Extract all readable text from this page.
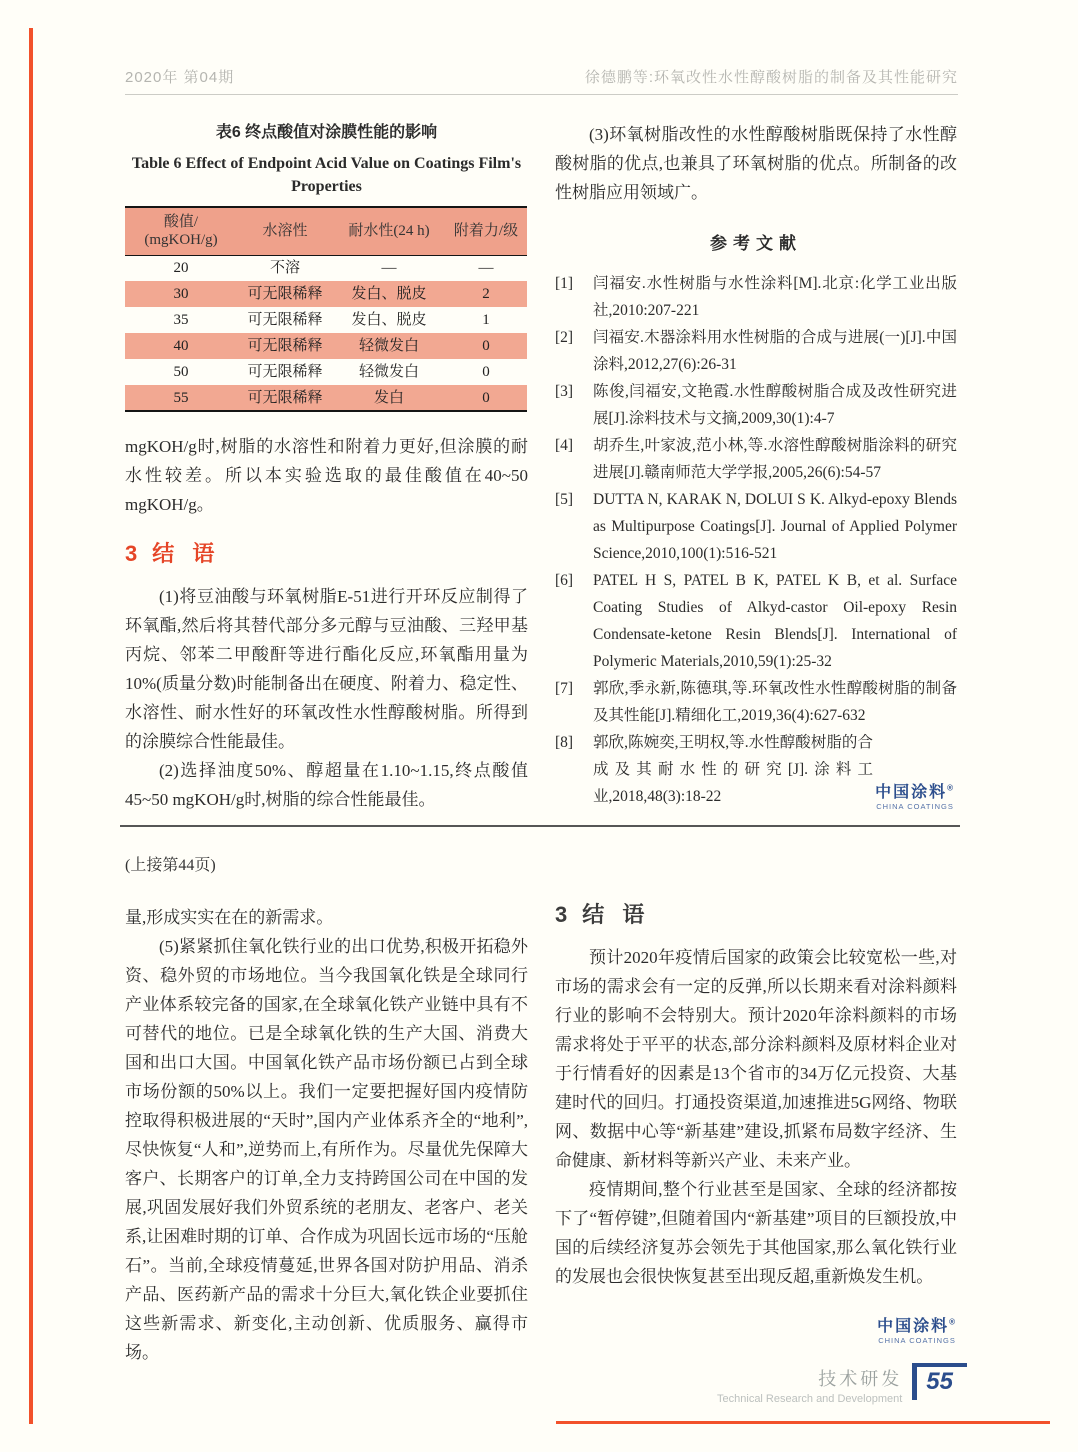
2020年 第04期	徐德鹏等:环氧改性水性醇酸树脂的制备及其性能研究
表6 终点酸值对涂膜性能的影响
Table 6 Effect of Endpoint Acid Value on Coatings Film's
Properties
酸值/
(mgKOH/g)	水溶性	耐水性(24 h)	附着力/级
20	不溶	—	—
30	可无限稀释	发白、脱皮	2
35	可无限稀释	发白、脱皮	1
40	可无限稀释	轻微发白	0
50	可无限稀释	轻微发白	0
55	可无限稀释	发白	0

mgKOH/g时,树脂的水溶性和附着力更好,但涂膜的耐水性较差。所以本实验选取的最佳酸值在40~50 mgKOH/g。

3 结 语

(1)将豆油酸与环氧树脂E-51进行开环反应制得了环氧酯,然后将其替代部分多元醇与豆油酸、三羟甲基丙烷、邻苯二甲酸酐等进行酯化反应,环氧酯用量为10%(质量分数)时能制备出在硬度、附着力、稳定性、水溶性、耐水性好的环氧改性水性醇酸树脂。所得到的涂膜综合性能最佳。

(2)选择油度50%、醇超量在1.10~1.15,终点酸值45~50 mgKOH/g时,树脂的综合性能最佳。

(3)环氧树脂改性的水性醇酸树脂既保持了水性醇酸树脂的优点,也兼具了环氧树脂的优点。所制备的改性树脂应用领域广。

参考文献
[1]	闫福安.水性树脂与水性涂料[M].北京:化学工业出版社,2010:207-221
[2]	闫福安.木器涂料用水性树脂的合成与进展(一)[J].中国涂料,2012,27(6):26-31
[3]	陈俊,闫福安,文艳霞.水性醇酸树脂合成及改性研究进展[J].涂料技术与文摘,2009,30(1):4-7
[4]	胡乔生,叶家波,范小林,等.水溶性醇酸树脂涂料的研究进展[J].赣南师范大学学报,2005,26(6):54-57
[5]	DUTTA N, KARAK N, DOLUI S K. Alkyd-epoxy Blends as Multipurpose Coatings[J]. Journal of Applied Polymer Science,2010,100(1):516-521
[6]	PATEL H S, PATEL B K, PATEL K B, et al. Surface Coating Studies of Alkyd-castor Oil-epoxy Resin Condensate-ketone Resin Blends[J]. International of Polymeric Materials,2010,59(1):25-32
[7]	郭欣,季永新,陈德琪,等.环氧改性水性醇酸树脂的制备及其性能[J].精细化工,2019,36(4):627-632
[8]	郭欣,陈婉奕,王明权,等.水性醇酸树脂的合成及其耐水性的研究[J].涂料工业,2018,48(3):18-22	中国涂料®
CHINA COATINGS
(上接第44页)

量,形成实实在在的新需求。

(5)紧紧抓住氧化铁行业的出口优势,积极开拓稳外资、稳外贸的市场地位。当今我国氧化铁是全球同行产业体系较完备的国家,在全球氧化铁产业链中具有不可替代的地位。已是全球氧化铁的生产大国、消费大国和出口大国。中国氧化铁产品市场份额已占到全球市场份额的50%以上。我们一定要把握好国内疫情防控取得积极进展的“天时”,国内产业体系齐全的“地利”,尽快恢复“人和”,逆势而上,有所作为。尽量优先保障大客户、长期客户的订单,全力支持跨国公司在中国的发展,巩固发展好我们外贸系统的老朋友、老客户、老关系,让困难时期的订单、合作成为巩固长远市场的“压舱石”。当前,全球疫情蔓延,世界各国对防护用品、消杀产品、医药新产品的需求十分巨大,氧化铁企业要抓住这些新需求、新变化,主动创新、优质服务、赢得市场。

3 结 语

预计2020年疫情后国家的政策会比较宽松一些,对市场的需求会有一定的反弹,所以长期来看对涂料颜料行业的影响不会特别大。预计2020年涂料颜料的市场需求将处于平平的状态,部分涂料颜料及原材料企业对于行情看好的因素是13个省市的34万亿元投资、大基建时代的回归。打通投资渠道,加速推进5G网络、物联网、数据中心等“新基建”建设,抓紧布局数字经济、生命健康、新材料等新兴产业、未来产业。

疫情期间,整个行业甚至是国家、全球的经济都按下了“暂停键”,但随着国内“新基建”项目的巨额投放,中国的后续经济复苏会领先于其他国家,那么氧化铁行业的发展也会很快恢复甚至出现反超,重新焕发生机。

中国涂料®
CHINA COATINGS
技术研发
Technical Research and Development
55
